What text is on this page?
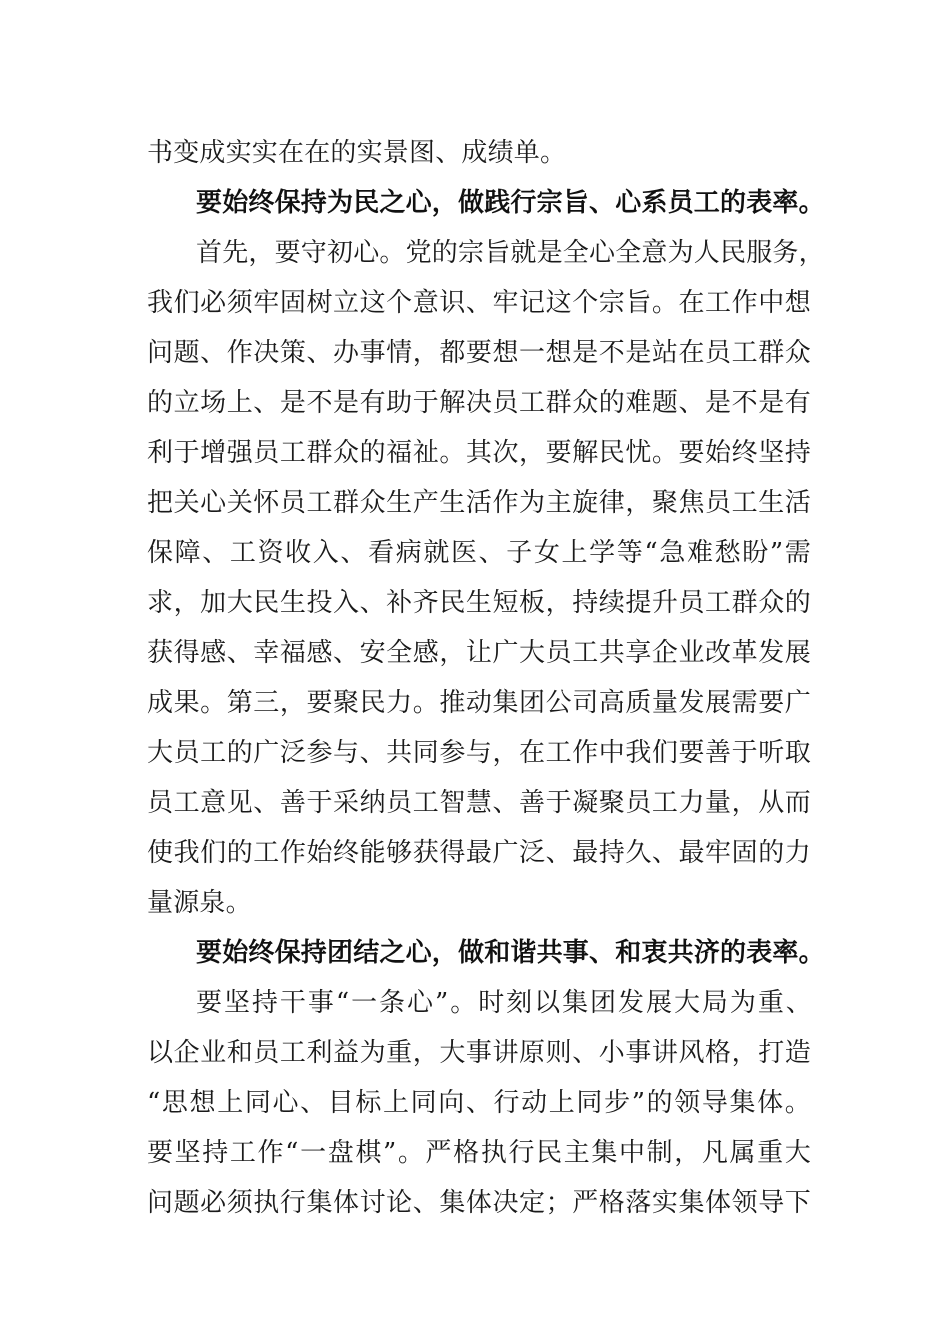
书变成实实在在的实景图、成绩单。
要始终保持为民之心，做践行宗旨、心系员工的表率。
首先，要守初心。党的宗旨就是全心全意为人民服务，
我们必须牢固树立这个意识、牢记这个宗旨。在工作中想
问题、作决策、办事情，都要想一想是不是站在员工群众
的立场上、是不是有助于解决员工群众的难题、是不是有
利于增强员工群众的福祉。其次，要解民忧。要始终坚持
把关心关怀员工群众生产生活作为主旋律，聚焦员工生活
保障、工资收入、看病就医、子女上学等“急难愁盼”需
求，加大民生投入、补齐民生短板，持续提升员工群众的
获得感、幸福感、安全感，让广大员工共享企业改革发展
成果。第三，要聚民力。推动集团公司高质量发展需要广
大员工的广泛参与、共同参与，在工作中我们要善于听取
员工意见、善于采纳员工智慧、善于凝聚员工力量，从而
使我们的工作始终能够获得最广泛、最持久、最牢固的力
量源泉。
要始终保持团结之心，做和谐共事、和衷共济的表率。
要坚持干事“一条心”。时刻以集团发展大局为重、
以企业和员工利益为重，大事讲原则、小事讲风格，打造
“思想上同心、目标上同向、行动上同步”的领导集体。
要坚持工作“一盘棋”。严格执行民主集中制，凡属重大
问题必须执行集体讨论、集体决定；严格落实集体领导下
